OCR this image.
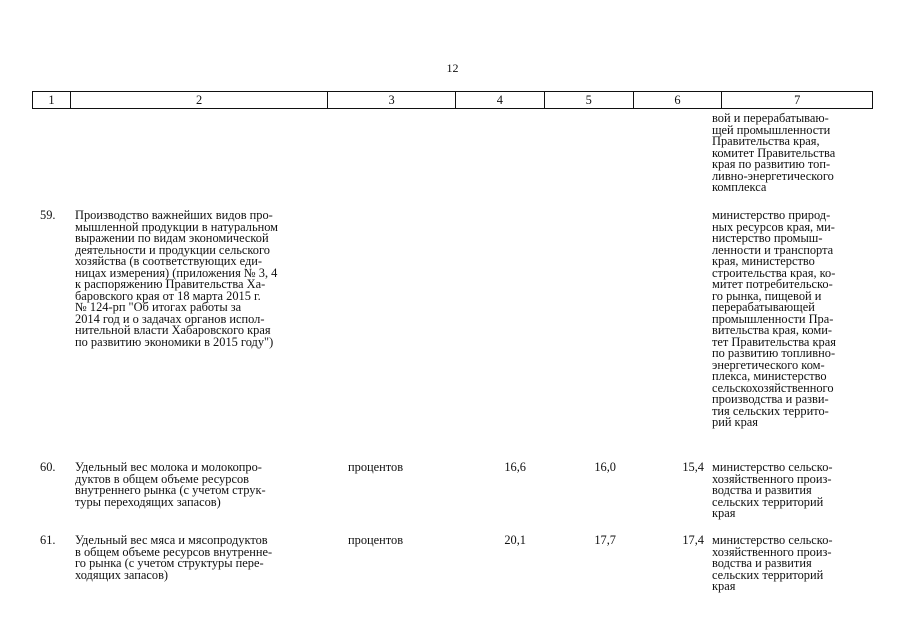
12
1	2	3	4	5	6	7
вой и перерабатываю-
щей промышленности
Правительства края,
комитет Правительства
края по развитию топ-
ливно-энергетического
комплекса
59.	Производство важнейших видов про-
мышленной продукции в натуральном
выражении по видам экономической
деятельности и продукции сельского
хозяйства (в соответствующих еди-
ницах измерения) (приложения № 3, 4
к распоряжению Правительства Ха-
баровского края от 18 марта 2015 г.
№ 124-рп "Об итогах работы за
2014 год и о задачах органов испол-
нительной власти Хабаровского края
по развитию экономики в 2015 году")
министерство природ-
ных ресурсов края, ми-
нистерство промыш-
ленности и транспорта
края, министерство
строительства края, ко-
митет потребительско-
го рынка, пищевой и
перерабатывающей
промышленности Пра-
вительства края, коми-
тет Правительства края
по развитию топливно-
энергетического ком-
плекса, министерство
сельскохозяйственного
производства и разви-
тия сельских террито-
рий края
60.	Удельный вес молока и молокопро-
дуктов в общем объеме ресурсов
внутреннего рынка (с учетом струк-
туры переходящих запасов)
процентов	16,6	16,0	15,4 министерство сельско-
хозяйственного произ-
водства и развития
сельских территорий
края
61.	Удельный вес мяса и мясопродуктов
в общем объеме ресурсов внутренне-
го рынка (с учетом структуры пере-
ходящих запасов)
процентов	20,1	17,7	17,4 министерство сельско-
хозяйственного произ-
водства и развития
сельских территорий
края
